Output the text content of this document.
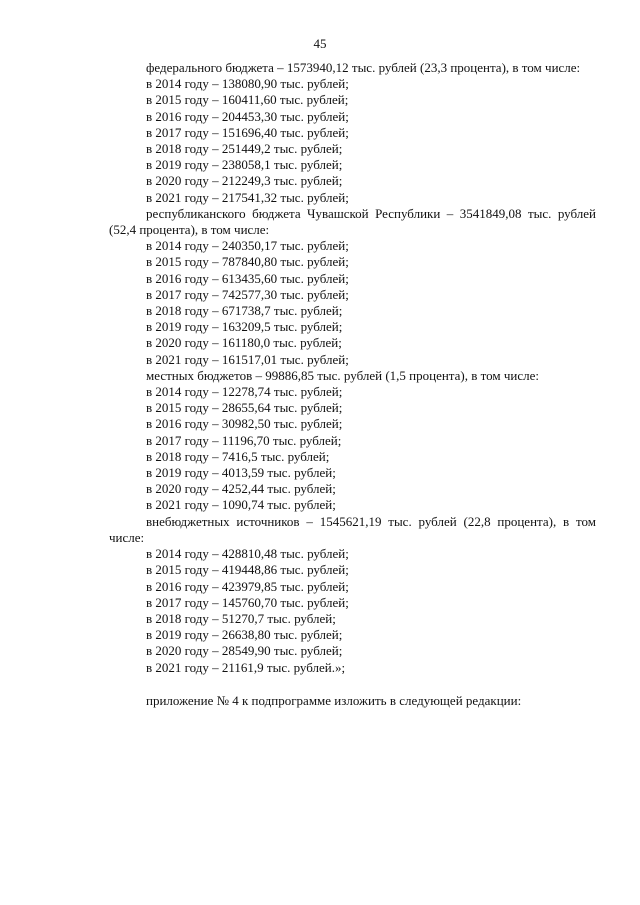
45

федерального бюджета – 1573940,12 тыс. рублей (23,3 процента), в том числе:

в 2014 году – 138080,90 тыс. рублей;
в 2015 году – 160411,60 тыс. рублей;
в 2016 году – 204453,30 тыс. рублей;
в 2017 году – 151696,40 тыс. рублей;
в 2018 году – 251449,2 тыс. рублей;
в 2019 году – 238058,1 тыс. рублей;
в 2020 году – 212249,3 тыс. рублей;
в 2021 году – 217541,32 тыс. рублей;

республиканского бюджета Чувашской Республики – 3541849,08 тыс. рублей (52,4 процента), в том числе:

в 2014 году – 240350,17 тыс. рублей;
в 2015 году – 787840,80 тыс. рублей;
в 2016 году – 613435,60 тыс. рублей;
в 2017 году – 742577,30 тыс. рублей;
в 2018 году – 671738,7 тыс. рублей;
в 2019 году – 163209,5 тыс. рублей;
в 2020 году – 161180,0 тыс. рублей;
в 2021 году – 161517,01 тыс. рублей;

местных бюджетов – 99886,85 тыс. рублей (1,5 процента), в том числе:

в 2014 году – 12278,74 тыс. рублей;
в 2015 году – 28655,64 тыс. рублей;
в 2016 году – 30982,50 тыс. рублей;
в 2017 году – 11196,70 тыс. рублей;
в 2018 году – 7416,5 тыс. рублей;
в 2019 году – 4013,59 тыс. рублей;
в 2020 году – 4252,44 тыс. рублей;
в 2021 году – 1090,74 тыс. рублей;

внебюджетных источников – 1545621,19 тыс. рублей (22,8 процента), в том числе:

в 2014 году – 428810,48 тыс. рублей;
в 2015 году – 419448,86 тыс. рублей;
в 2016 году – 423979,85 тыс. рублей;
в 2017 году – 145760,70 тыс. рублей;
в 2018 году – 51270,7 тыс. рублей;
в 2019 году – 26638,80 тыс. рублей;
в 2020 году – 28549,90 тыс. рублей;
в 2021 году – 21161,9 тыс. рублей.»;

приложение № 4 к подпрограмме изложить в следующей редакции:
